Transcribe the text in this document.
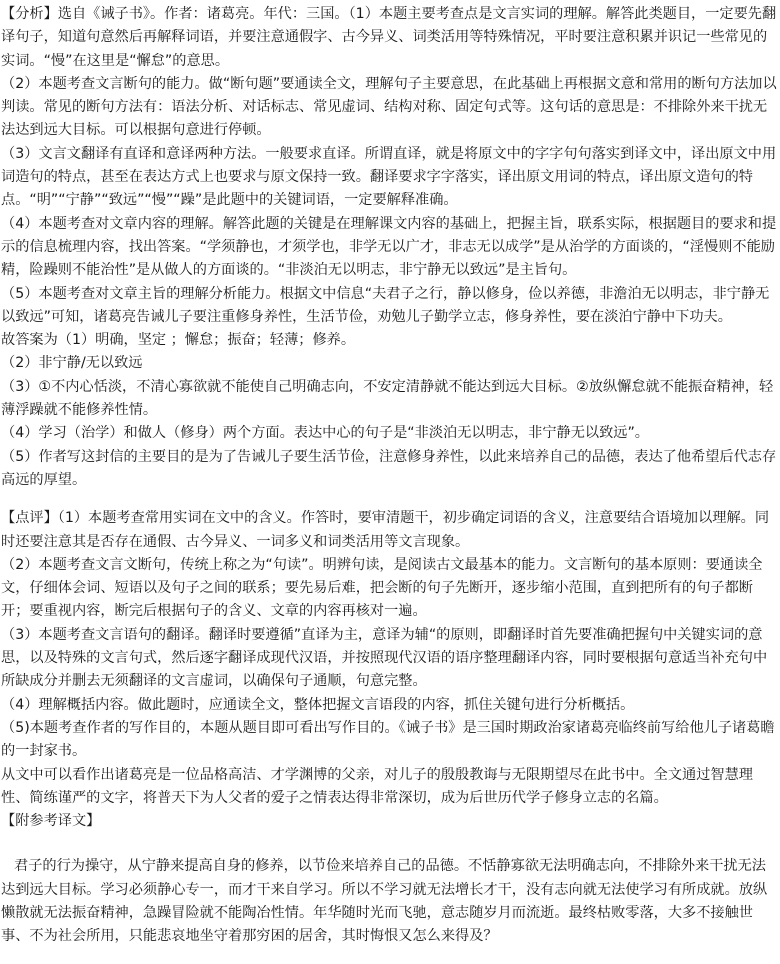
【分析】选自《诫子书》。作者：诸葛亮。年代：三国。（1）本题主要考查点是文言实词的理解。解答此类题目，一定要先翻译句子，知道句意然后再解释词语，并要注意通假字、古今异义、词类活用等特殊情况，平时要注意积累并识记一些常见的实词。“慢”在这里是“懈怠”的意思。

（2）本题考查文言断句的能力。做“断句题”要通读全文，理解句子主要意思，在此基础上再根据文意和常用的断句方法加以判读。常见的断句方法有：语法分析、对话标志、常见虚词、结构对称、固定句式等。这句话的意思是：不排除外来干扰无法达到远大目标。可以根据句意进行停顿。

（3）文言文翻译有直译和意译两种方法。一般要求直译。所谓直译，就是将原文中的字字句句落实到译文中，译出原文中用词造句的特点，甚至在表达方式上也要求与原文保持一致。翻译要求字字落实，译出原文用词的特点，译出原文造句的特点。“明”“宁静”“致远”“慢”“躁”是此题中的关键词语，一定要解释准确。

（4）本题考查对文章内容的理解。解答此题的关键是在理解课文内容的基础上，把握主旨，联系实际，根据题目的要求和提示的信息梳理内容，找出答案。“学须静也，才须学也，非学无以广才，非志无以成学”是从治学的方面谈的，“淫慢则不能励精，险躁则不能治性”是从做人的方面谈的。“非淡泊无以明志，非宁静无以致远”是主旨句。

（5）本题考查对文章主旨的理解分析能力。根据文中信息“夫君子之行，静以修身，俭以养德，非澹泊无以明志，非宁静无以致远”可知，诸葛亮告诫儿子要注重修身养性，生活节俭，劝勉儿子勤学立志，修身养性，要在淡泊宁静中下功夫。

故答案为（1）明确，坚定 ；懈怠；振奋；轻薄；修养。

（2）非宁静/无以致远

（3）①不内心恬淡，不清心寡欲就不能使自己明确志向，不安定清静就不能达到远大目标。②放纵懈怠就不能振奋精神，轻薄浮躁就不能修养性情。

（4）学习（治学）和做人（修身）两个方面。表达中心的句子是“非淡泊无以明志，非宁静无以致远”。

（5）作者写这封信的主要目的是为了告诫儿子要生活节俭，注意修身养性，以此来培养自己的品德，表达了他希望后代志存高远的厚望。

【点评】（1）本题考查常用实词在文中的含义。作答时，要审清题干，初步确定词语的含义，注意要结合语境加以理解。同时还要注意其是否存在通假、古今异义、一词多义和词类活用等文言现象。

（2）本题考查文言文断句，传统上称之为“句读”。明辨句读，是阅读古文最基本的能力。文言断句的基本原则：要通读全文，仔细体会词、短语以及句子之间的联系；要先易后难，把会断的句子先断开，逐步缩小范围，直到把所有的句子都断开；要重视内容，断完后根据句子的含义、文章的内容再核对一遍。

（3）本题考查文言语句的翻译。翻译时要遵循”直译为主，意译为辅“的原则，即翻译时首先要准确把握句中关键实词的意思，以及特殊的文言句式，然后逐字翻译成现代汉语，并按照现代汉语的语序整理翻译内容，同时要根据句意适当补充句中所缺成分并删去无须翻译的文言虚词，以确保句子通顺，句意完整。

（4）理解概括内容。做此题时，应通读全文，整体把握文言语段的内容，抓住关键句进行分析概括。

（5)本题考查作者的写作目的，本题从题目即可看出写作目的。《诫子书》是三国时期政治家诸葛亮临终前写给他儿子诸葛瞻的一封家书。

从文中可以看作出诸葛亮是一位品格高洁、才学渊博的父亲，对儿子的殷殷教诲与无限期望尽在此书中。全文通过智慧理性、简练谨严的文字，将普天下为人父者的爱子之情表达得非常深切，成为后世历代学子修身立志的名篇。

【附参考译文】

君子的行为操守，从宁静来提高自身的修养，以节俭来培养自己的品德。不恬静寡欲无法明确志向，不排除外来干扰无法达到远大目标。学习必须静心专一，而才干来自学习。所以不学习就无法增长才干，没有志向就无法使学习有所成就。放纵懒散就无法振奋精神，急躁冒险就不能陶冶性情。年华随时光而飞驰，意志随岁月而流逝。最终枯败零落，大多不接触世事、不为社会所用，只能悲哀地坐守着那穷困的居舍，其时悔恨又怎么来得及？
